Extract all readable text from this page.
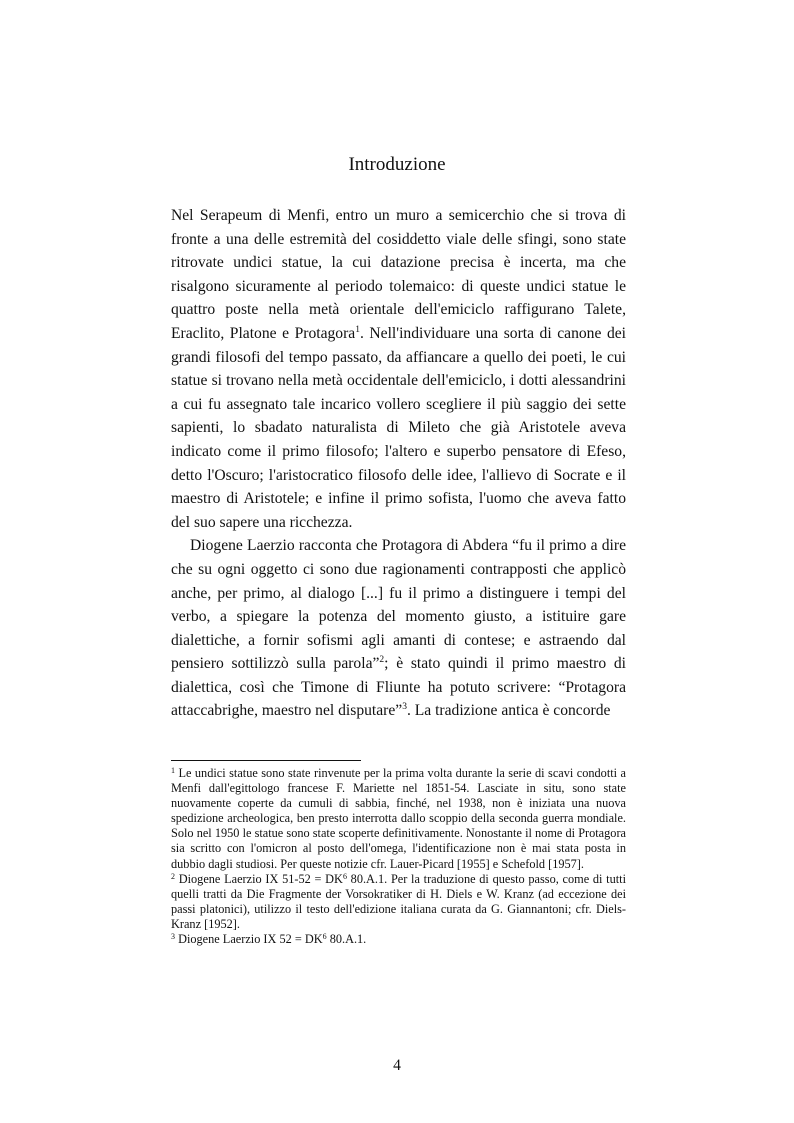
Introduzione

Nel Serapeum di Menfi, entro un muro a semicerchio che si trova di fronte a una delle estremità del cosiddetto viale delle sfingi, sono state ritrovate undici statue, la cui datazione precisa è incerta, ma che risalgono sicuramente al periodo tolemaico: di queste undici statue le quattro poste nella metà orientale dell'emiciclo raffigurano Talete, Eraclito, Platone e Protagora$^1$. Nell'individuare una sorta di canone dei grandi filosofi del tempo passato, da affiancare a quello dei poeti, le cui statue si trovano nella metà occidentale dell'emiciclo, i dotti alessandrini a cui fu assegnato tale incarico vollero scegliere il più saggio dei sette sapienti, lo sbadato naturalista di Mileto che già Aristotele aveva indicato come il primo filosofo; l'altero e superbo pensatore di Efeso, detto l'Oscuro; l'aristocratico filosofo delle idee, l'allievo di Socrate e il maestro di Aristotele; e infine il primo sofista, l'uomo che aveva fatto del suo sapere una ricchezza.

Diogene Laerzio racconta che Protagora di Abdera “fu il primo a dire che su ogni oggetto ci sono due ragionamenti contrapposti che applicò anche, per primo, al dialogo [...] fu il primo a distinguere i tempi del verbo, a spiegare la potenza del momento giusto, a istituire gare dialettiche, a fornir sofismi agli amanti di contese; e astraendo dal pensiero sottilizzò sulla parola”$^2$; è stato quindi il primo maestro di dialettica, così che Timone di Fliunte ha potuto scrivere: “Protagora attaccabrighe, maestro nel disputare”$^3$. La tradizione antica è concorde

$^1$ Le undici statue sono state rinvenute per la prima volta durante la serie di scavi condotti a Menfi dall'egittologo francese F. Mariette nel 1851-54. Lasciate in situ, sono state nuovamente coperte da cumuli di sabbia, finché, nel 1938, non è iniziata una nuova spedizione archeologica, ben presto interrotta dallo scoppio della seconda guerra mondiale. Solo nel 1950 le statue sono state scoperte definitivamente. Nonostante il nome di Protagora sia scritto con l'omicron al posto dell'omega, l'identificazione non è mai stata posta in dubbio dagli studiosi. Per queste notizie cfr. Lauer-Picard [1955] e Schefold [1957].

$^2$ Diogene Laerzio IX $51-52 = DK^6$ 80.A.1. Per la traduzione di questo passo, come di tutti quelli tratti da Die Fragmente der Vorsokratiker di H. Diels e W. Kranz (ad eccezione dei passi platonici), utilizzo il testo dell'edizione italiana curata da G. Giannantoni; cfr. Diels-Kranz [1952].

$^3$ Diogene Laerzio IX $52 = DK^6$ 80.A.1.

4
